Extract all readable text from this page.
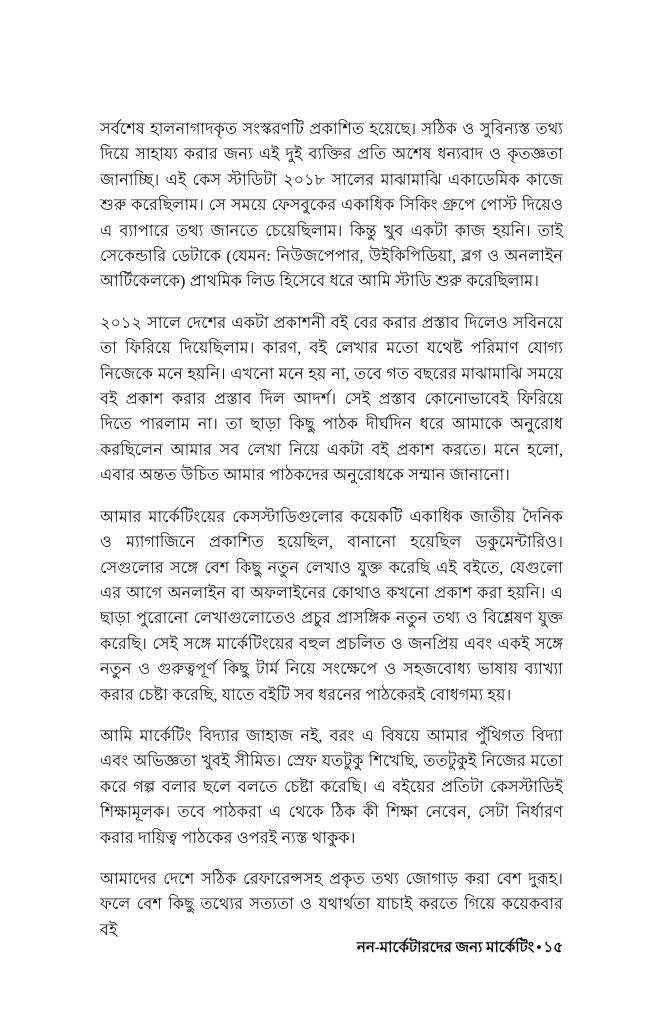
সর্বশেষ হালনাগাদকৃত সংস্করণটি প্রকাশিত হয়েছে। সঠিক ও সুবিন্যস্ত তথ্য দিয়ে সাহায্য করার জন্য এই দুই ব্যক্তির প্রতি অশেষ ধন্যবাদ ও কৃতজ্ঞতা জানাচ্ছি। এই কেস স্টাডিটা ২০১৮ সালের মাঝামাঝি একাডেমিক কাজে শুরু করেছিলাম। সে সময়ে ফেসবুকের একাধিক সিকিং গ্রুপে পোস্ট দিয়েও এ ব্যাপারে তথ্য জানতে চেয়েছিলাম। কিন্তু খুব একটা কাজ হয়নি। তাই সেকেন্ডারি ডেটাকে (যেমন: নিউজপেপার, উইকিপিডিয়া, ব্লগ ও অনলাইন আর্টিকেলকে) প্রাথমিক লিড হিসেবে ধরে আমি স্টাডি শুরু করেছিলাম।

২০১২ সালে দেশের একটা প্রকাশনী বই বের করার প্রস্তাব দিলেও সবিনয়ে তা ফিরিয়ে দিয়েছিলাম। কারণ, বই লেখার মতো যথেষ্ট পরিমাণ যোগ্য নিজেকে মনে হয়নি। এখনো মনে হয় না, তবে গত বছরের মাঝামাঝি সময়ে বই প্রকাশ করার প্রস্তাব দিল আদর্শ। সেই প্রস্তাব কোনোভাবেই ফিরিয়ে দিতে পারলাম না। তা ছাড়া কিছু পাঠক দীর্ঘদিন ধরে আমাকে অনুরোধ করছিলেন আমার সব লেখা নিয়ে একটা বই প্রকাশ করতে। মনে হলো, এবার অন্তত উচিত আমার পাঠকদের অনুরোধকে সম্মান জানানো।

আমার মার্কেটিংয়ের কেসস্টাডিগুলোর কয়েকটি একাধিক জাতীয় দৈনিক ও ম্যাগাজিনে প্রকাশিত হয়েছিল, বানানো হয়েছিল ডকুমেন্টারিও। সেগুলোর সঙ্গে বেশ কিছু নতুন লেখাও যুক্ত করেছি এই বইতে, যেগুলো এর আগে অনলাইন বা অফলাইনের কোথাও কখনো প্রকাশ করা হয়নি। এ ছাড়া পুরোনো লেখাগুলোতেও প্রচুর প্রাসঙ্গিক নতুন তথ্য ও বিশ্লেষণ যুক্ত করেছি। সেই সঙ্গে মার্কেটিংয়ের বহুল প্রচলিত ও জনপ্রিয় এবং একই সঙ্গে নতুন ও গুরুত্বপূর্ণ কিছু টার্ম নিয়ে সংক্ষেপে ও সহজবোধ্য ভাষায় ব্যাখ্যা করার চেষ্টা করেছি, যাতে বইটি সব ধরনের পাঠকেরই বোধগম্য হয়।

আমি মার্কেটিং বিদ্যার জাহাজ নই, বরং এ বিষয়ে আমার পুঁথিগত বিদ্যা এবং অভিজ্ঞতা খুবই সীমিত। স্রেফ যতটুকু শিখেছি, ততটুকুই নিজের মতো করে গল্প বলার ছলে বলতে চেষ্টা করেছি। এ বইয়ের প্রতিটা কেসস্টাডিই শিক্ষামূলক। তবে পাঠকরা এ থেকে ঠিক কী শিক্ষা নেবেন, সেটা নির্ধারণ করার দায়িত্ব পাঠকের ওপরই ন্যস্ত থাকুক।

আমাদের দেশে সঠিক রেফারেন্সসহ প্রকৃত তথ্য জোগাড় করা বেশ দুরূহ। ফলে বেশ কিছু তথ্যের সত্যতা ও যথার্থতা যাচাই করতে গিয়ে কয়েকবার বই

নন-মার্কেটারদের জন্য মার্কেটিং • ১৫
